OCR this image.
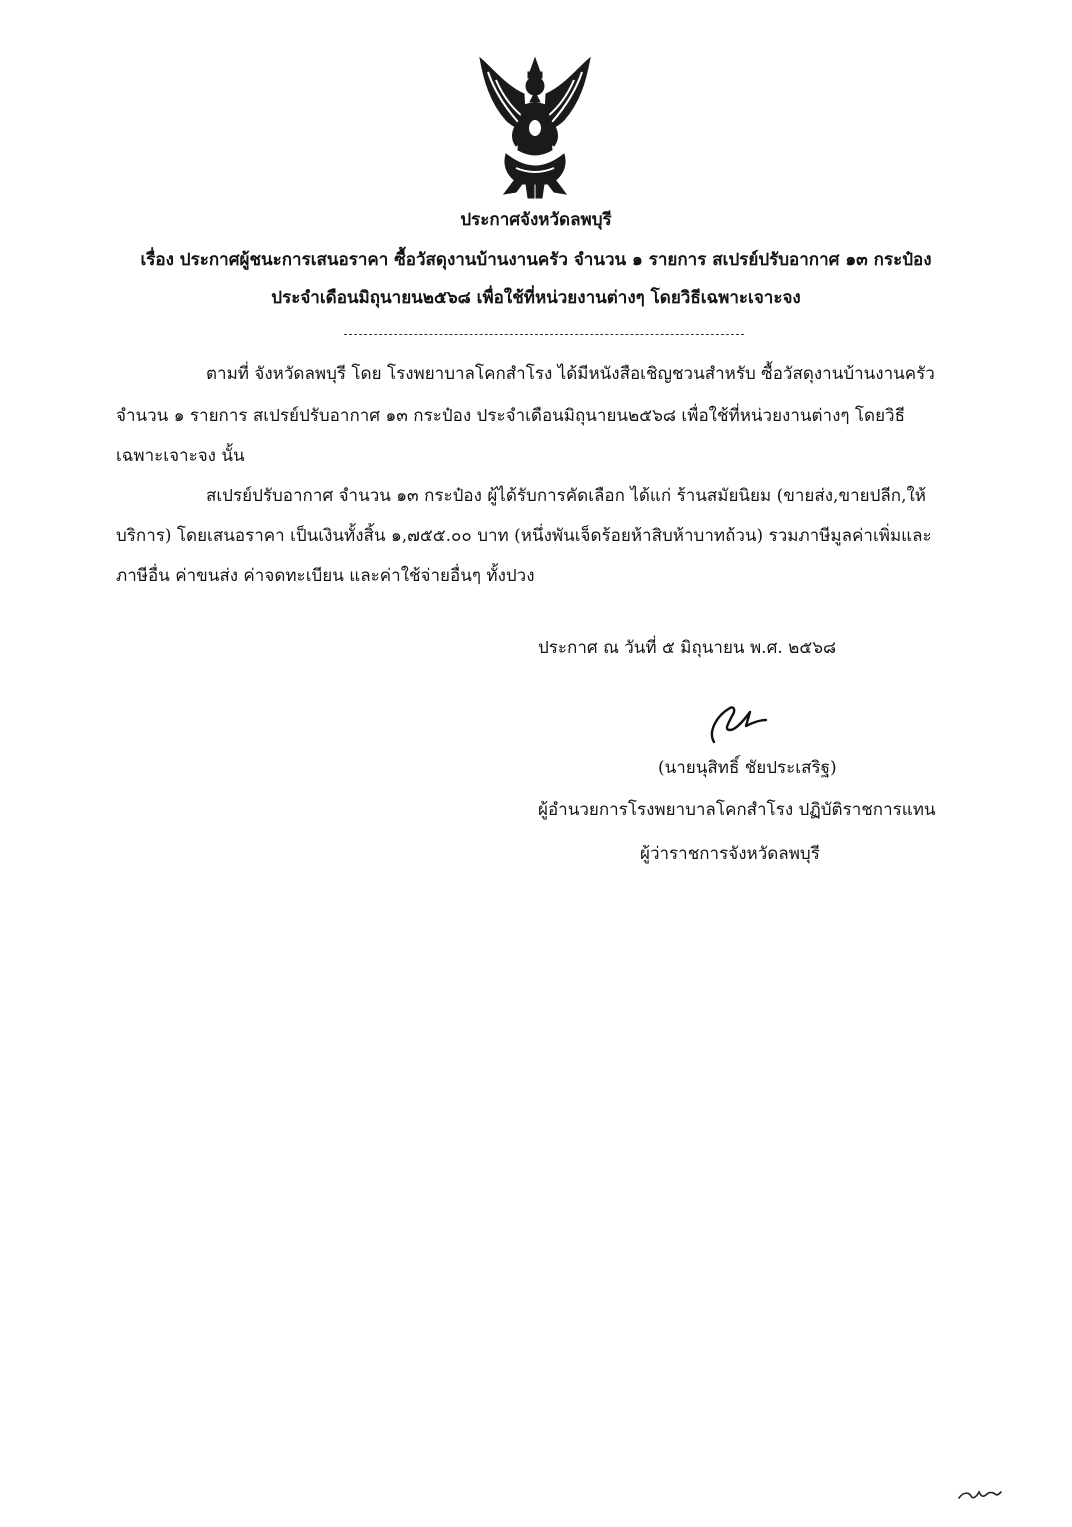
ประกาศจังหวัดลพบุรี
เรื่อง ประกาศผู้ชนะการเสนอราคา ซื้อวัสดุงานบ้านงานครัว จำนวน ๑ รายการ สเปรย์ปรับอากาศ ๑๓ กระป๋อง
ประจำเดือนมิถุนายน๒๕๖๘ เพื่อใช้ที่หน่วยงานต่างๆ โดยวิธีเฉพาะเจาะจง
ตามที่ จังหวัดลพบุรี โดย โรงพยาบาลโคกสำโรง ได้มีหนังสือเชิญชวนสำหรับ ซื้อวัสดุงานบ้านงานครัว
จำนวน ๑ รายการ สเปรย์ปรับอากาศ ๑๓ กระป๋อง ประจำเดือนมิถุนายน๒๕๖๘ เพื่อใช้ที่หน่วยงานต่างๆ โดยวิธี
เฉพาะเจาะจง นั้น
สเปรย์ปรับอากาศ จำนวน ๑๓ กระป๋อง ผู้ได้รับการคัดเลือก ได้แก่ ร้านสมัยนิยม (ขายส่ง,ขายปลีก,ให้
บริการ) โดยเสนอราคา เป็นเงินทั้งสิ้น ๑,๗๕๕.๐๐ บาท (หนึ่งพันเจ็ดร้อยห้าสิบห้าบาทถ้วน) รวมภาษีมูลค่าเพิ่มและ
ภาษีอื่น ค่าขนส่ง ค่าจดทะเบียน และค่าใช้จ่ายอื่นๆ ทั้งปวง
ประกาศ ณ วันที่ ๕ มิถุนายน พ.ศ. ๒๕๖๘
(นายนุสิทธิ์ ชัยประเสริฐ)
ผู้อำนวยการโรงพยาบาลโคกสำโรง ปฏิบัติราชการแทน
ผู้ว่าราชการจังหวัดลพบุรี
